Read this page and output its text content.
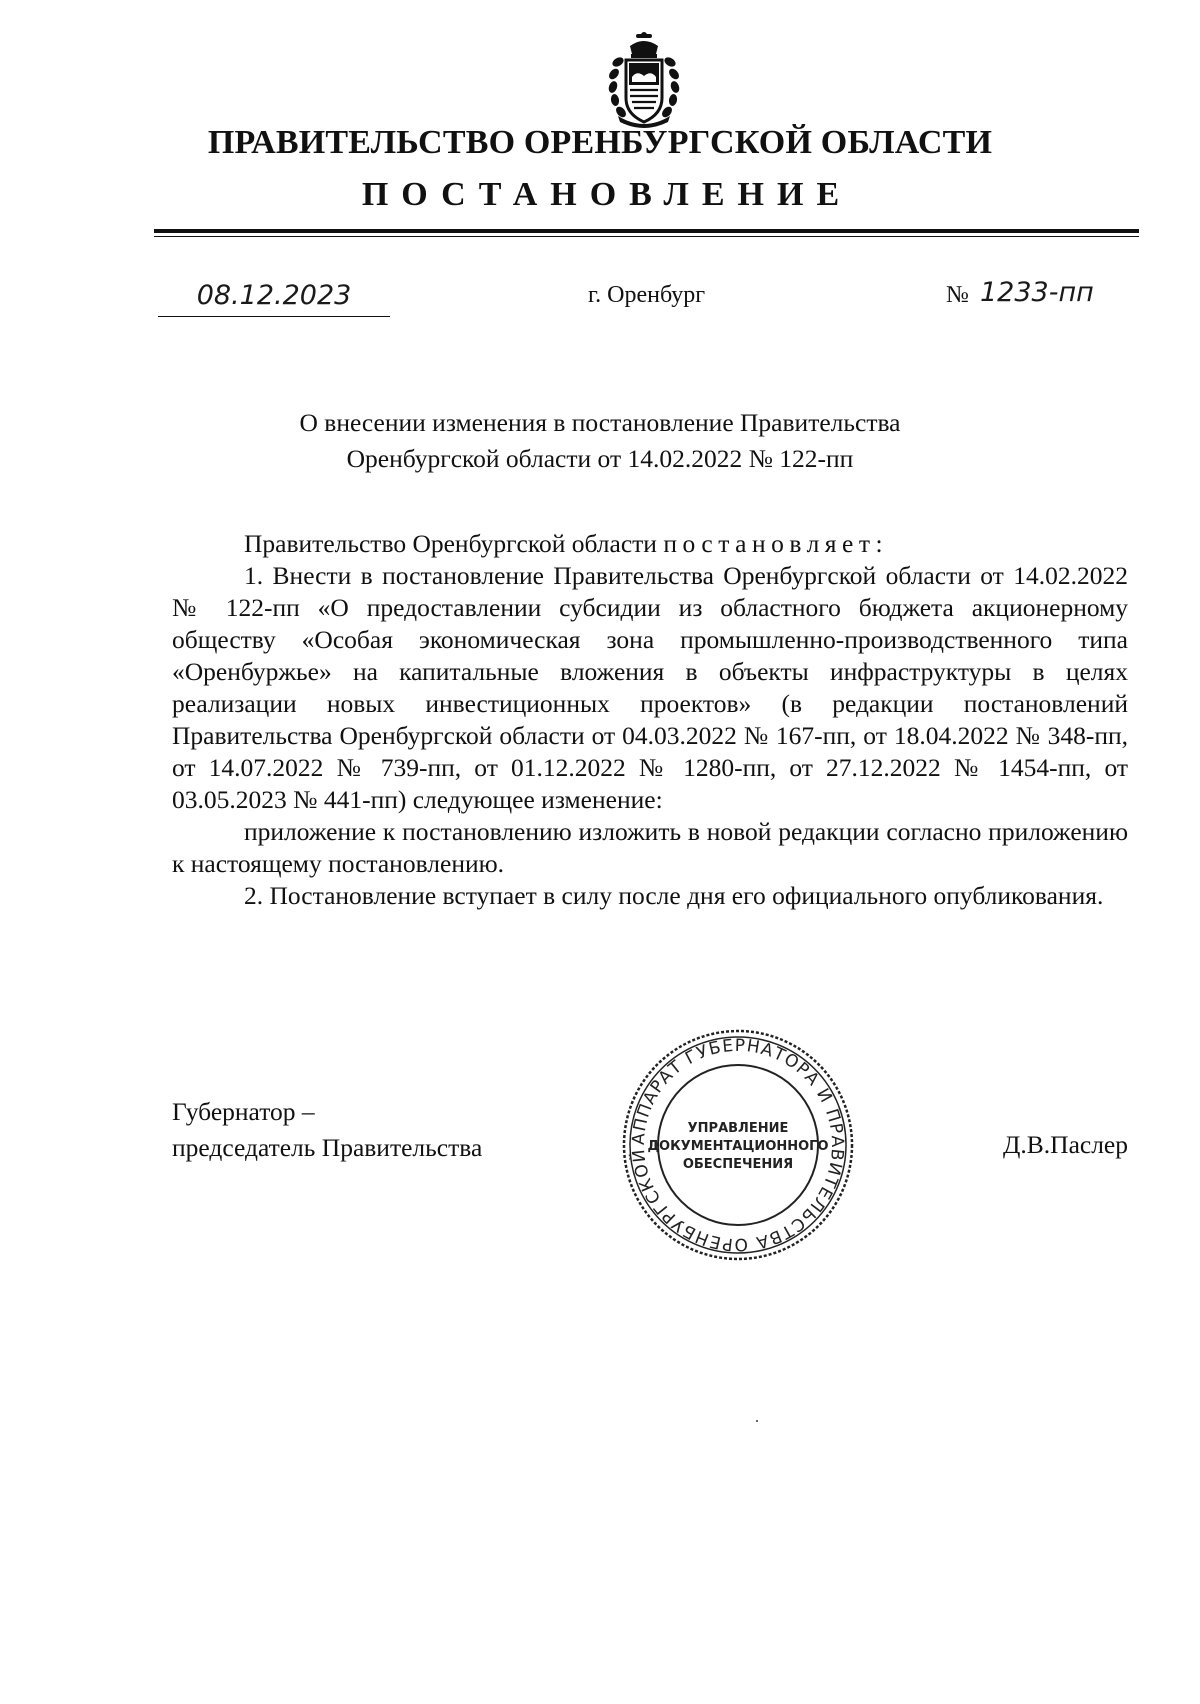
ПРАВИТЕЛЬСТВО ОРЕНБУРГСКОЙ ОБЛАСТИ
ПОСТАНОВЛЕНИЕ
08.12.2023	г. Оренбург	№ 1233-пп
О внесении изменения в постановление Правительства
Оренбургской области от 14.02.2022 № 122-пп

Правительство Оренбургской области постановляет:

1. Внести в постановление Правительства Оренбургской области от 14.02.2022 № 122-пп «О предоставлении субсидии из областного бюджета акционерному обществу «Особая экономическая зона промышленно-производственного типа «Оренбуржье» на капитальные вложения в объекты инфраструктуры в целях реализации новых инвестиционных проектов» (в редакции постановлений Правительства Оренбургской области от 04.03.2022 № 167-пп, от 18.04.2022 № 348-пп, от 14.07.2022 № 739-пп, от 01.12.2022 № 1280-пп, от 27.12.2022 № 1454-пп, от 03.05.2023 № 441-пп) следующее изменение:

приложение к постановлению изложить в новой редакции согласно приложению к настоящему постановлению.

2. Постановление вступает в силу после дня его официального опубликования.

Губернатор –
председатель Правительства	Д.В.Паслер
АППАРАТ ГУБЕРНАТОРА И ПРАВИТЕЛЬСТВА ОРЕНБУРГСКОЙ
УПРАВЛЕНИЕ
ДОКУМЕНТАЦИОННОГО
ОБЕСПЕЧЕНИЯ
